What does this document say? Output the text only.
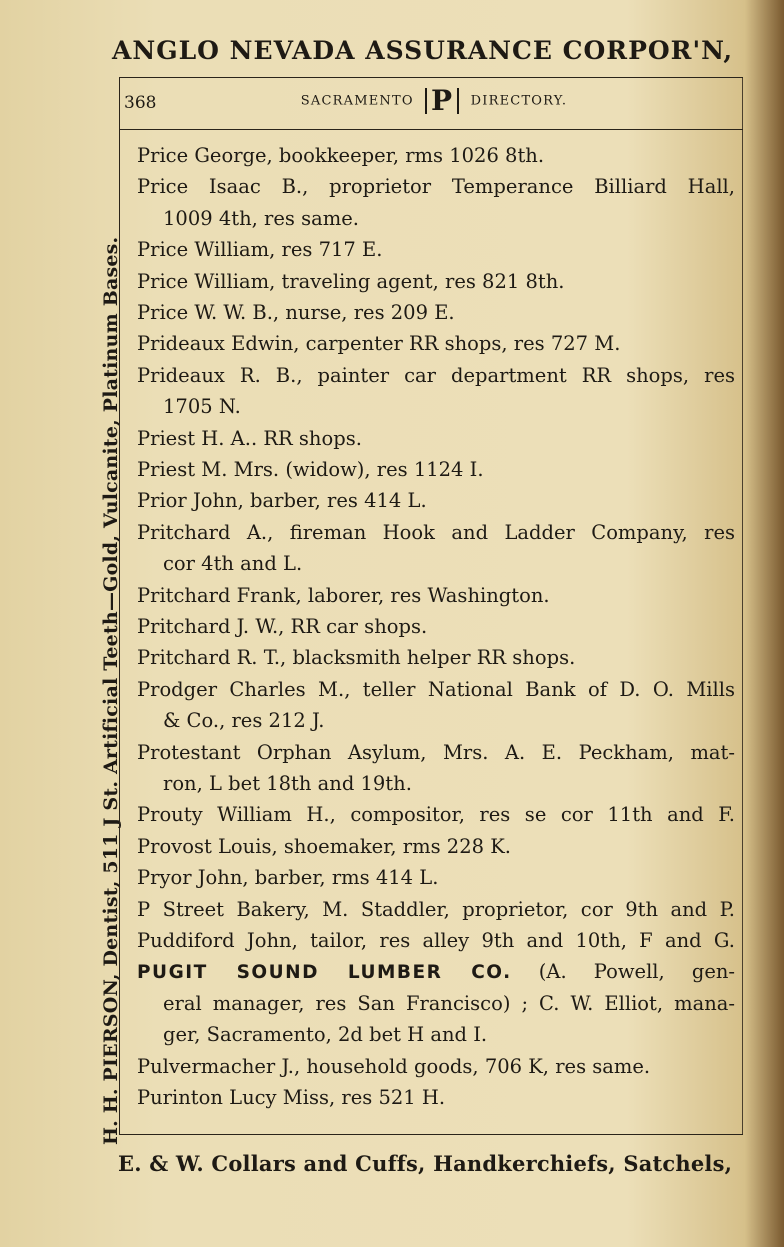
ANGLO NEVADA ASSURANCE CORPOR'N,
H. H. PIERSON, Dentist, 511 J St. Artificial Teeth—Gold, Vulcanite, Platinum Bases.
368	SACRAMENTO P DIRECTORY.
Price George, bookkeeper, rms 1026 8th.
Price Isaac B., proprietor Temperance Billiard Hall,
1009 4th, res same.
Price William, res 717 E.
Price William, traveling agent, res 821 8th.
Price W. W. B., nurse, res 209 E.
Prideaux Edwin, carpenter RR shops, res 727 M.
Prideaux R. B., painter car department RR shops, res
1705 N.
Priest H. A.. RR shops.
Priest M. Mrs. (widow), res 1124 I.
Prior John, barber, res 414 L.
Pritchard A., fireman Hook and Ladder Company, res
cor 4th and L.
Pritchard Frank, laborer, res Washington.
Pritchard J. W., RR car shops.
Pritchard R. T., blacksmith helper RR shops.
Prodger Charles M., teller National Bank of D. O. Mills
& Co., res 212 J.
Protestant Orphan Asylum, Mrs. A. E. Peckham, mat-
ron, L bet 18th and 19th.
Prouty William H., compositor, res se cor 11th and F.
Provost Louis, shoemaker, rms 228 K.
Pryor John, barber, rms 414 L.
P Street Bakery, M. Staddler, proprietor, cor 9th and P.
Puddiford John, tailor, res alley 9th and 10th, F and G.
PUGIT SOUND LUMBER CO. (A. Powell, gen-
eral manager, res San Francisco) ; C. W. Elliot, mana-
ger, Sacramento, 2d bet H and I.
Pulvermacher J., household goods, 706 K, res same.
Purinton Lucy Miss, res 521 H.
E. & W. Collars and Cuffs, Handkerchiefs, Satchels,
